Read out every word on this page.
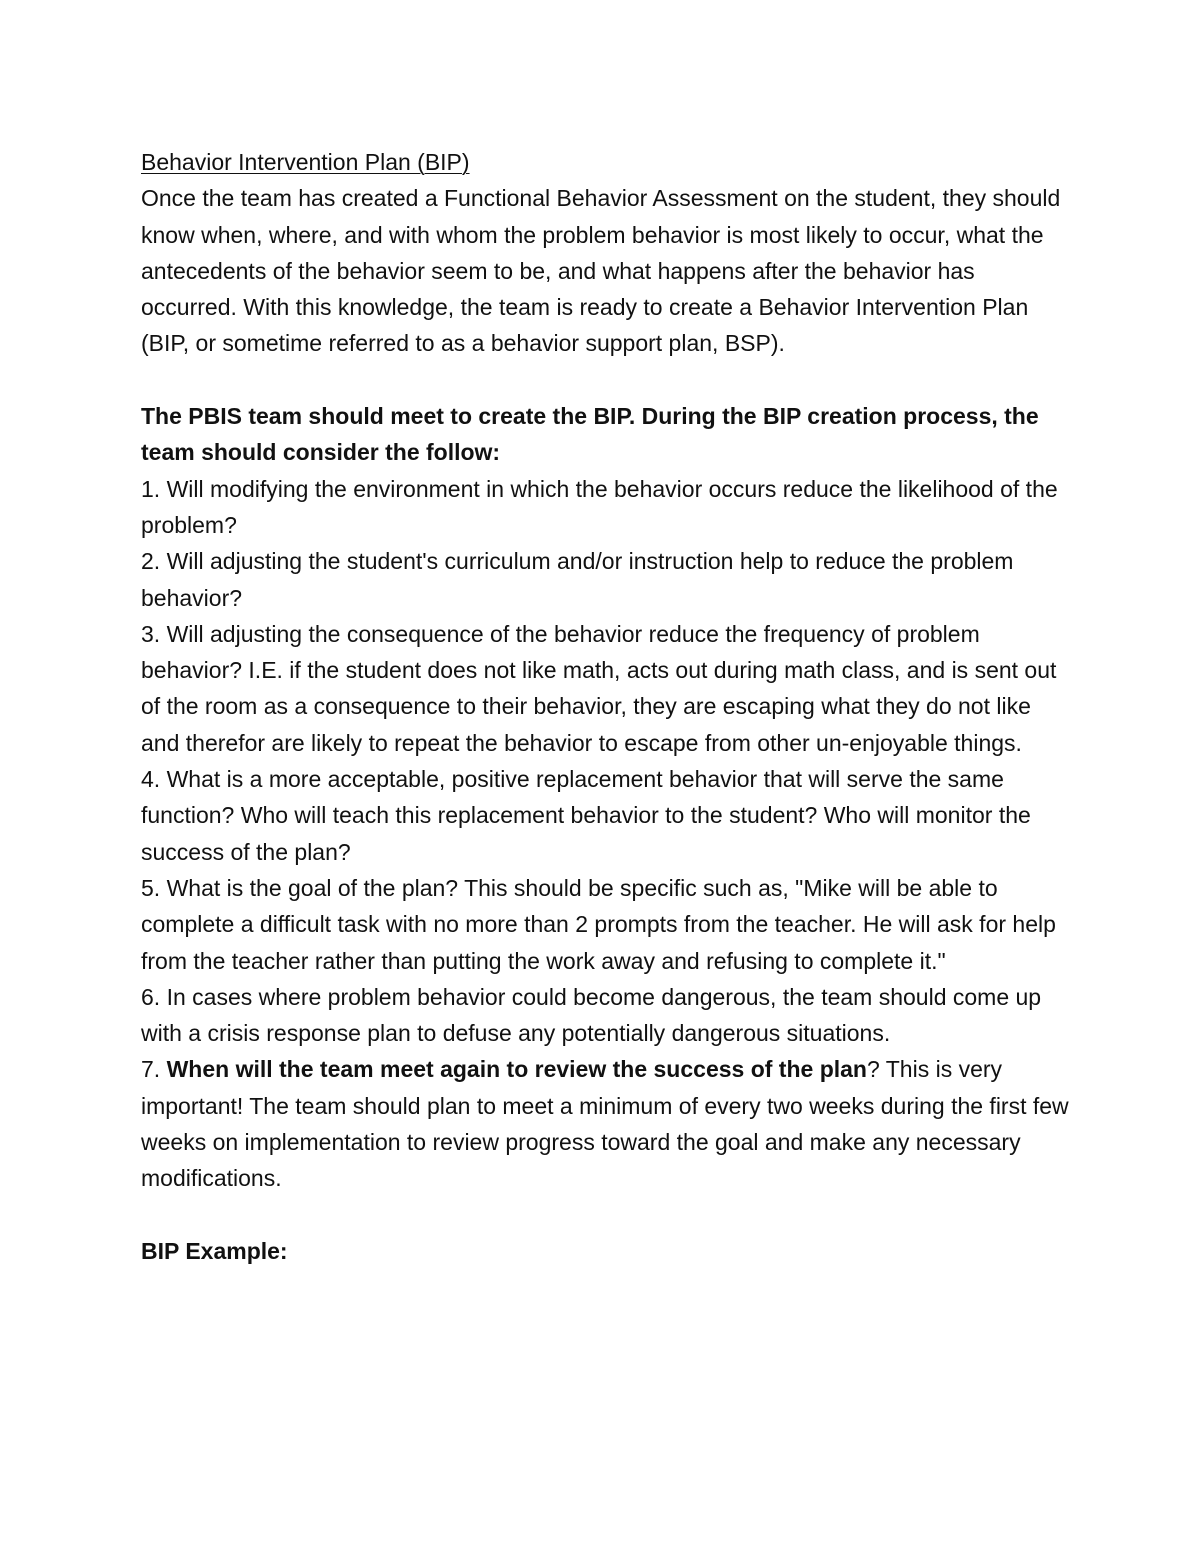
Behavior Intervention Plan (BIP)

Once the team has created a Functional Behavior Assessment on the student, they should know when, where, and with whom the problem behavior is most likely to occur, what the antecedents of the behavior seem to be, and what happens after the behavior has occurred. With this knowledge, the team is ready to create a Behavior Intervention Plan (BIP, or sometime referred to as a behavior support plan, BSP).

The PBIS team should meet to create the BIP. During the BIP creation process, the team should consider the follow:

1. Will modifying the environment in which the behavior occurs reduce the likelihood of the problem?

2. Will adjusting the student's curriculum and/or instruction help to reduce the problem behavior?

3. Will adjusting the consequence of the behavior reduce the frequency of problem behavior? I.E. if the student does not like math, acts out during math class, and is sent out of the room as a consequence to their behavior, they are escaping what they do not like and therefor are likely to repeat the behavior to escape from other un-enjoyable things.

4. What is a more acceptable, positive replacement behavior that will serve the same function? Who will teach this replacement behavior to the student? Who will monitor the success of the plan?

5. What is the goal of the plan? This should be specific such as, "Mike will be able to complete a difficult task with no more than 2 prompts from the teacher. He will ask for help from the teacher rather than putting the work away and refusing to complete it."

6. In cases where problem behavior could become dangerous, the team should come up with a crisis response plan to defuse any potentially dangerous situations.

7. When will the team meet again to review the success of the plan? This is very important! The team should plan to meet a minimum of every two weeks during the first few weeks on implementation to review progress toward the goal and make any necessary modifications.

BIP Example:
